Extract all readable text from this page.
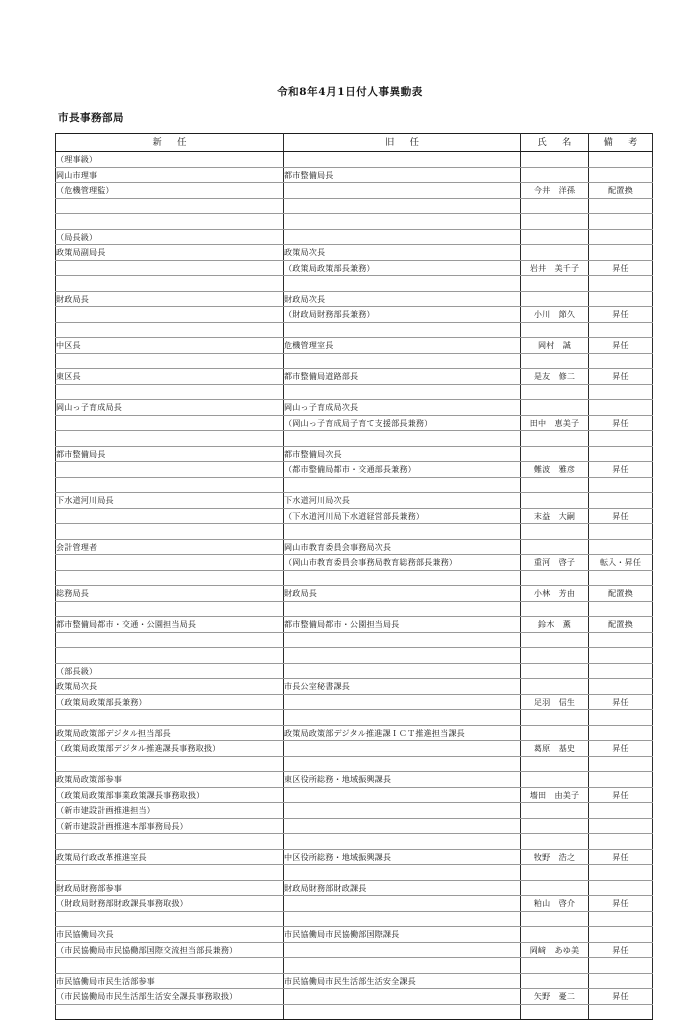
令和8年4月1日付人事異動表
市長事務部局
新　任	旧　任	氏　名	備　考
（理事級）			
岡山市理事	都市整備局長		
（危機管理監）		今井　洋孫	配置換

（局長級）			
政策局副局長	政策局次長		
	（政策局政策部長兼務）	岩井　美千子	昇任

財政局長	財政局次長		
	（財政局財務部長兼務）	小川　節久	昇任

中区長	危機管理室長	岡村　誠	昇任

東区長	都市整備局道路部長	是友　修二	昇任

岡山っ子育成局長	岡山っ子育成局次長		
	（岡山っ子育成局子育て支援部長兼務）	田中　恵美子	昇任

都市整備局長	都市整備局次長		
	（都市整備局都市・交通部長兼務）	難波　雅彦	昇任

下水道河川局長	下水道河川局次長		
	（下水道河川局下水道経営部長兼務）	末益　大嗣	昇任

会計管理者	岡山市教育委員会事務局次長		
	（岡山市教育委員会事務局教育総務部長兼務）	重河　啓子	転入・昇任

総務局長	財政局長	小林　芳由	配置換

都市整備局都市・交通・公園担当局長	都市整備局都市・公園担当局長	鈴木　薫	配置換

（部長級）			
政策局次長	市長公室秘書課長		
（政策局政策部長兼務）		足羽　信生	昇任

政策局政策部デジタル担当部長	政策局政策部デジタル推進課ＩＣＴ推進担当課長		
（政策局政策部デジタル推進課長事務取扱）		葛原　基史	昇任

政策局政策部参事	東区役所総務・地域振興課長		
（政策局政策部事業政策課長事務取扱）		墻田　由美子	昇任
（新市建設計画推進担当）			
（新市建設計画推進本部事務局長）			

政策局行政改革推進室長	中区役所総務・地域振興課長	牧野　浩之	昇任

財政局財務部参事	財政局財務部財政課長		
（財政局財務部財政課長事務取扱）		粕山　啓介	昇任

市民協働局次長	市民協働局市民協働部国際課長		
（市民協働局市民協働部国際交流担当部長兼務）		岡﨑　あゆ美	昇任

市民協働局市民生活部参事	市民協働局市民生活部生活安全課長		
（市民協働局市民生活部生活安全課長事務取扱）		矢野　憂二	昇任
